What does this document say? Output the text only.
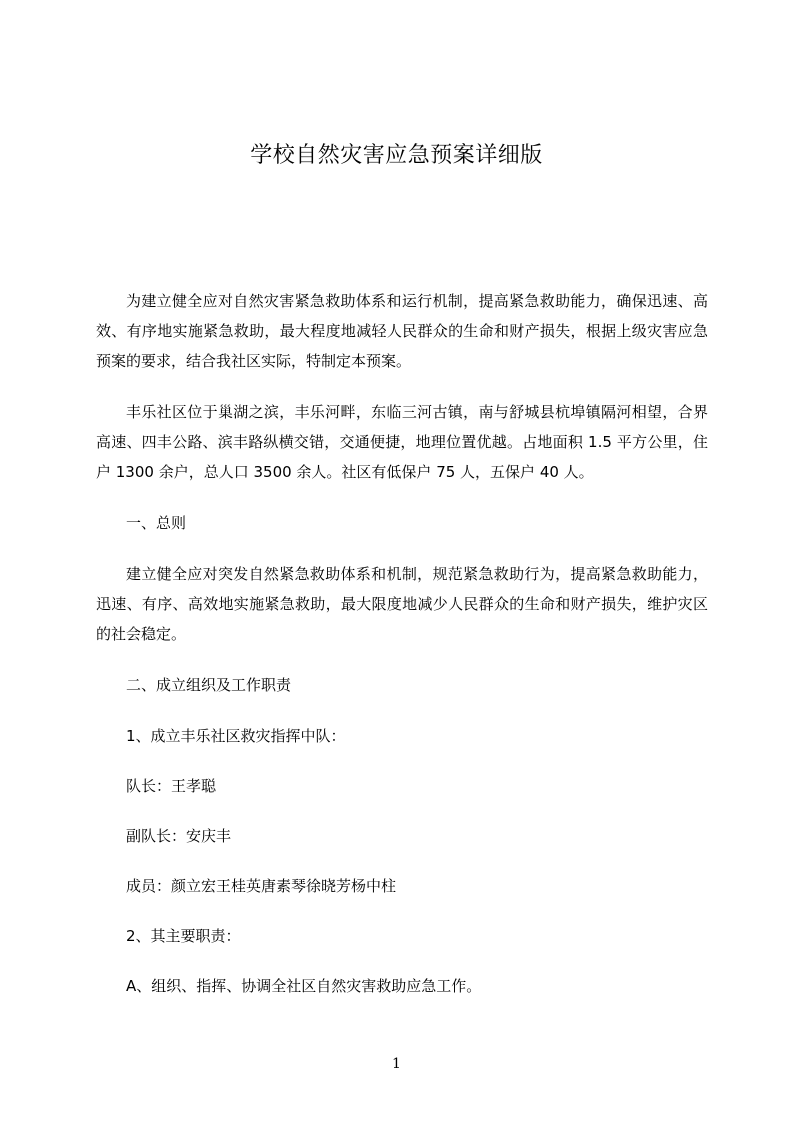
学校自然灾害应急预案详细版

为建立健全应对自然灾害紧急救助体系和运行机制，提高紧急救助能力，确保迅速、高效、有序地实施紧急救助，最大程度地减轻人民群众的生命和财产损失，根据上级灾害应急预案的要求，结合我社区实际，特制定本预案。

丰乐社区位于巢湖之滨，丰乐河畔，东临三河古镇，南与舒城县杭埠镇隔河相望，合界高速、四丰公路、滨丰路纵横交错，交通便捷，地理位置优越。占地面积 1.5 平方公里，住户 1300 余户，总人口 3500 余人。社区有低保户 75 人，五保户 40 人。

一、总则

建立健全应对突发自然紧急救助体系和机制，规范紧急救助行为，提高紧急救助能力，迅速、有序、高效地实施紧急救助，最大限度地减少人民群众的生命和财产损失，维护灾区的社会稳定。

二、成立组织及工作职责

1、成立丰乐社区救灾指挥中队：

队长：王孝聪

副队长：安庆丰

成员：颜立宏王桂英唐素琴徐晓芳杨中柱

2、其主要职责：

A、组织、指挥、协调全社区自然灾害救助应急工作。

1
